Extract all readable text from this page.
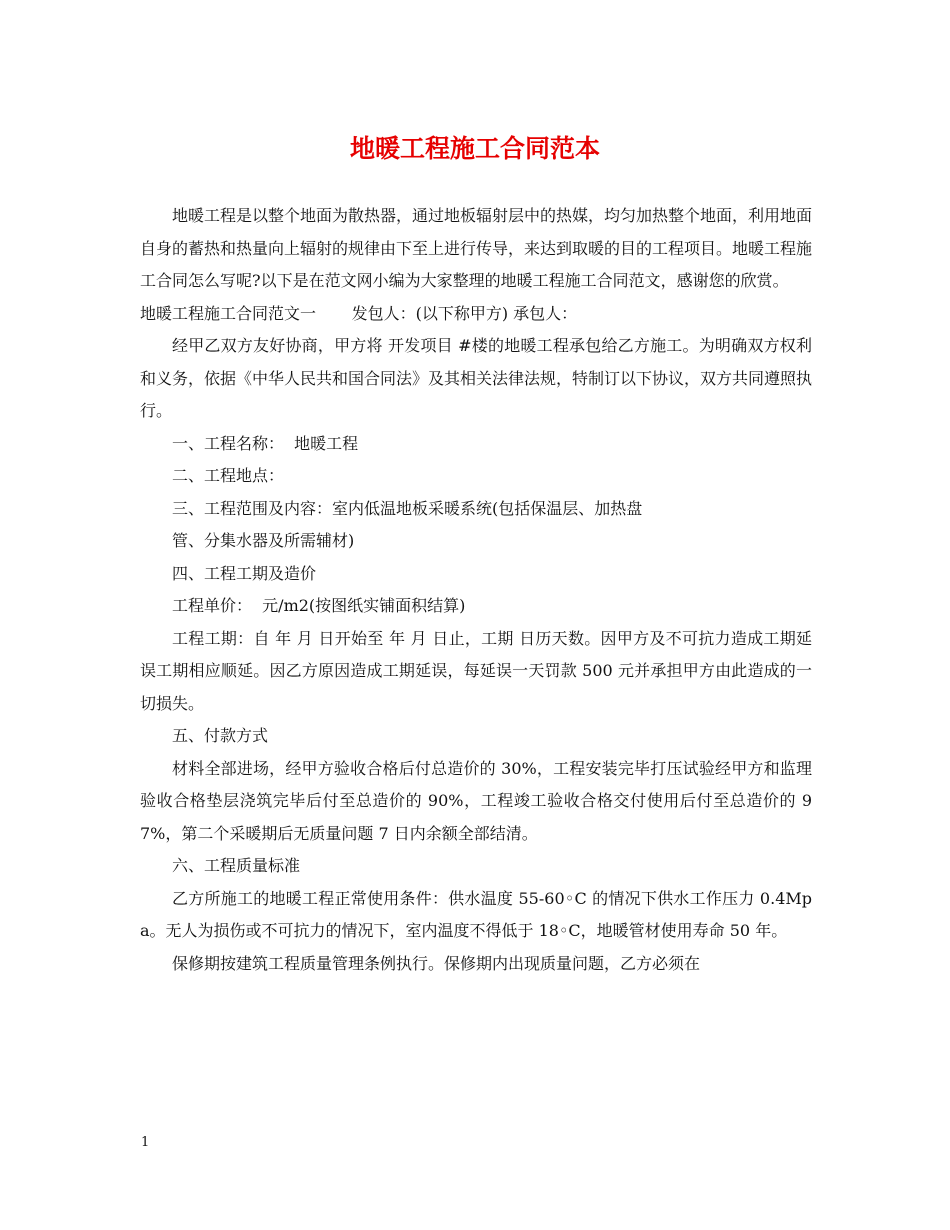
地暖工程施工合同范本

地暖工程是以整个地面为散热器，通过地板辐射层中的热媒，均匀加热整个地面，利用地面自身的蓄热和热量向上辐射的规律由下至上进行传导，来达到取暖的目的工程项目。地暖工程施工合同怎么写呢?以下是在范文网小编为大家整理的地暖工程施工合同范文，感谢您的欣赏。

地暖工程施工合同范文一       发包人：(以下称甲方) 承包人：

经甲乙双方友好协商，甲方将 开发项目 #楼的地暖工程承包给乙方施工。为明确双方权利和义务，依据《中华人民共和国合同法》及其相关法律法规，特制订以下协议，双方共同遵照执行。

一、工程名称：  地暖工程

二、工程地点：

三、工程范围及内容：室内低温地板采暖系统(包括保温层、加热盘

管、分集水器及所需辅材)

四、工程工期及造价

工程单价：  元/m2(按图纸实铺面积结算)

工程工期：自 年 月 日开始至 年 月 日止，工期 日历天数。因甲方及不可抗力造成工期延误工期相应顺延。因乙方原因造成工期延误，每延误一天罚款 500 元并承担甲方由此造成的一切损失。

五、付款方式

材料全部进场，经甲方验收合格后付总造价的 30%，工程安装完毕打压试验经甲方和监理验收合格垫层浇筑完毕后付至总造价的 90%，工程竣工验收合格交付使用后付至总造价的 97%，第二个采暖期后无质量问题 7 日内余额全部结清。

六、工程质量标准

乙方所施工的地暖工程正常使用条件：供水温度 55-60◦C 的情况下供水工作压力 0.4Mpa。无人为损伤或不可抗力的情况下，室内温度不得低于 18◦C，地暖管材使用寿命 50 年。

保修期按建筑工程质量管理条例执行。保修期内出现质量问题，乙方必须在

1
